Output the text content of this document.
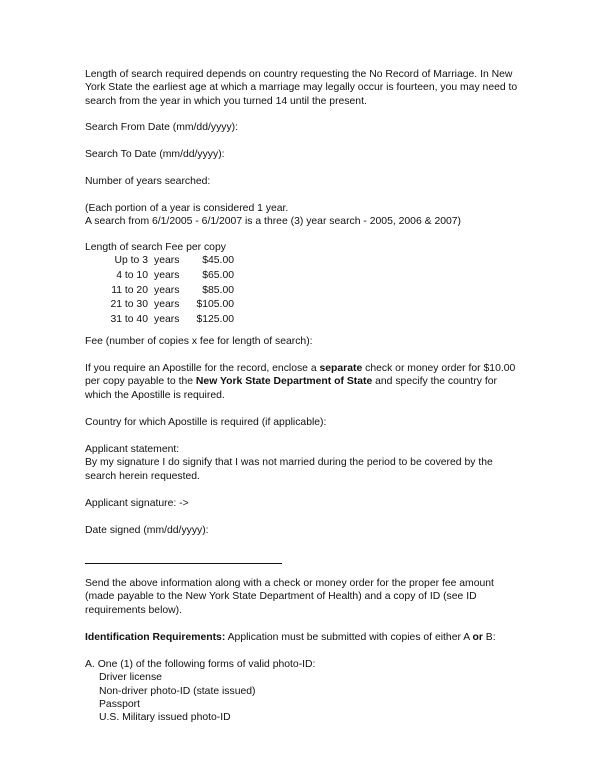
Length of search required depends on country requesting the No Record of Marriage. In New York State the earliest age at which a marriage may legally occur is fourteen, you may need to search from the year in which you turned 14 until the present.
Search From Date (mm/dd/yyyy):
Search To Date (mm/dd/yyyy):
Number of years searched:
(Each portion of a year is considered 1 year.
A search from 6/1/2005 - 6/1/2007 is a three (3) year search - 2005, 2006 & 2007)
Length of search Fee per copy
Up to 3	years	$45.00
4 to 10	years	$65.00
11 to 20	years	$85.00
21 to 30	years	$105.00
31 to 40	years	$125.00
Fee (number of copies x fee for length of search):
If you require an Apostille for the record, enclose a separate check or money order for $10.00 per copy payable to the New York State Department of State and specify the country for which the Apostille is required.
Country for which Apostille is required (if applicable):
Applicant statement:
By my signature I do signify that I was not married during the period to be covered by the search herein requested.
Applicant signature: ->
Date signed (mm/dd/yyyy):
Send the above information along with a check or money order for the proper fee amount (made payable to the New York State Department of Health) and a copy of ID (see ID requirements below).
Identification Requirements: Application must be submitted with copies of either A or B:
A. One (1) of the following forms of valid photo-ID:
Driver license
Non-driver photo-ID (state issued)
Passport
U.S. Military issued photo-ID
